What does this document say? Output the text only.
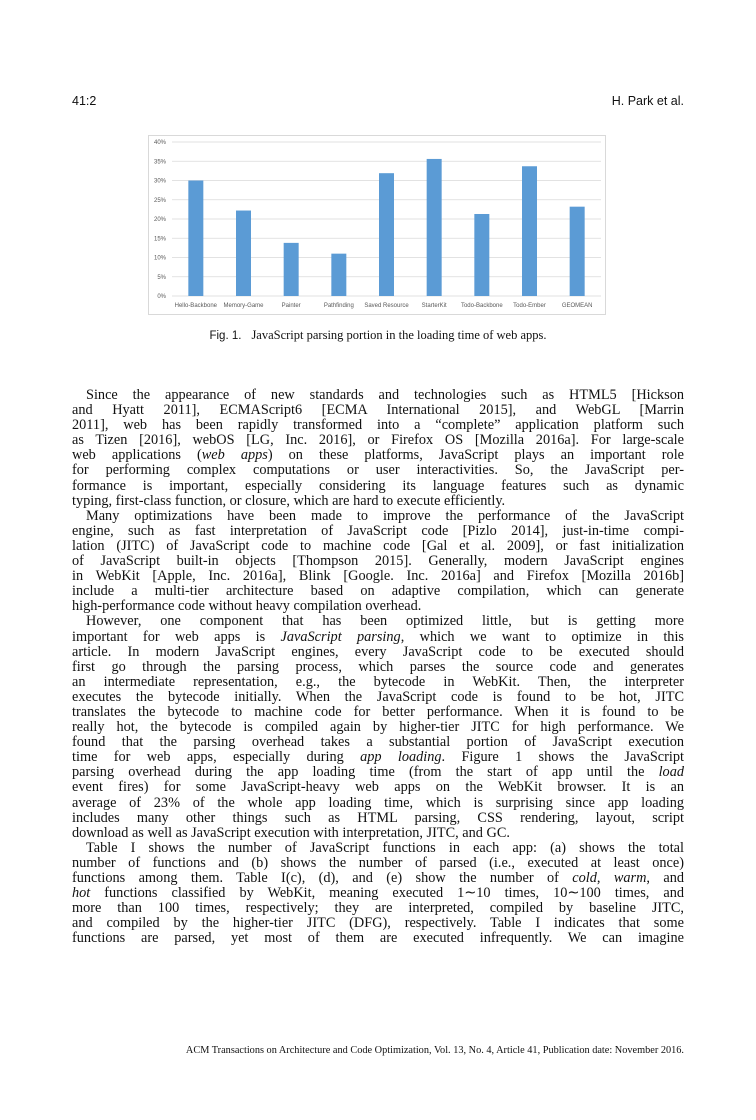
41:2	H. Park et al.
0%
5%
10%
15%
20%
25%
30%
35%
40%
Hello-Backbone Memory-Game	Painter	Pathfinding Saved Resource StarterKit Todo-Backbone Todo-Ember	GEOMEAN
Fig. 1. JavaScript parsing portion in the loading time of web apps.
Since the appearance of new standards and technologies such as HTML5 [Hickson
and Hyatt 2011], ECMAScript6 [ECMA International 2015], and WebGL [Marrin
2011], web has been rapidly transformed into a “complete” application platform such
as Tizen [2016], webOS [LG, Inc. 2016], or Firefox OS [Mozilla 2016a]. For large-scale
web applications (web apps) on these platforms, JavaScript plays an important role
for performing complex computations or user interactivities. So, the JavaScript per-
formance is important, especially considering its language features such as dynamic
typing, first-class function, or closure, which are hard to execute efficiently.
Many optimizations have been made to improve the performance of the JavaScript
engine, such as fast interpretation of JavaScript code [Pizlo 2014], just-in-time compi-
lation (JITC) of JavaScript code to machine code [Gal et al. 2009], or fast initialization
of JavaScript built-in objects [Thompson 2015]. Generally, modern JavaScript engines
in WebKit [Apple, Inc. 2016a], Blink [Google. Inc. 2016a] and Firefox [Mozilla 2016b]
include a multi-tier architecture based on adaptive compilation, which can generate
high-performance code without heavy compilation overhead.
However, one component that has been optimized little, but is getting more
important for web apps is JavaScript parsing, which we want to optimize in this
article. In modern JavaScript engines, every JavaScript code to be executed should
first go through the parsing process, which parses the source code and generates
an intermediate representation, e.g., the bytecode in WebKit. Then, the interpreter
executes the bytecode initially. When the JavaScript code is found to be hot, JITC
translates the bytecode to machine code for better performance. When it is found to be
really hot, the bytecode is compiled again by higher-tier JITC for high performance. We
found that the parsing overhead takes a substantial portion of JavaScript execution
time for web apps, especially during app loading. Figure 1 shows the JavaScript
parsing overhead during the app loading time (from the start of app until the load
event fires) for some JavaScript-heavy web apps on the WebKit browser. It is an
average of 23% of the whole app loading time, which is surprising since app loading
includes many other things such as HTML parsing, CSS rendering, layout, script
download as well as JavaScript execution with interpretation, JITC, and GC.
Table I shows the number of JavaScript functions in each app: (a) shows the total
number of functions and (b) shows the number of parsed (i.e., executed at least once)
functions among them. Table I(c), (d), and (e) show the number of cold, warm, and
hot functions classified by WebKit, meaning executed 1∼10 times, 10∼100 times, and
more than 100 times, respectively; they are interpreted, compiled by baseline JITC,
and compiled by the higher-tier JITC (DFG), respectively. Table I indicates that some
functions are parsed, yet most of them are executed infrequently. We can imagine
ACM Transactions on Architecture and Code Optimization, Vol. 13, No. 4, Article 41, Publication date: November 2016.
